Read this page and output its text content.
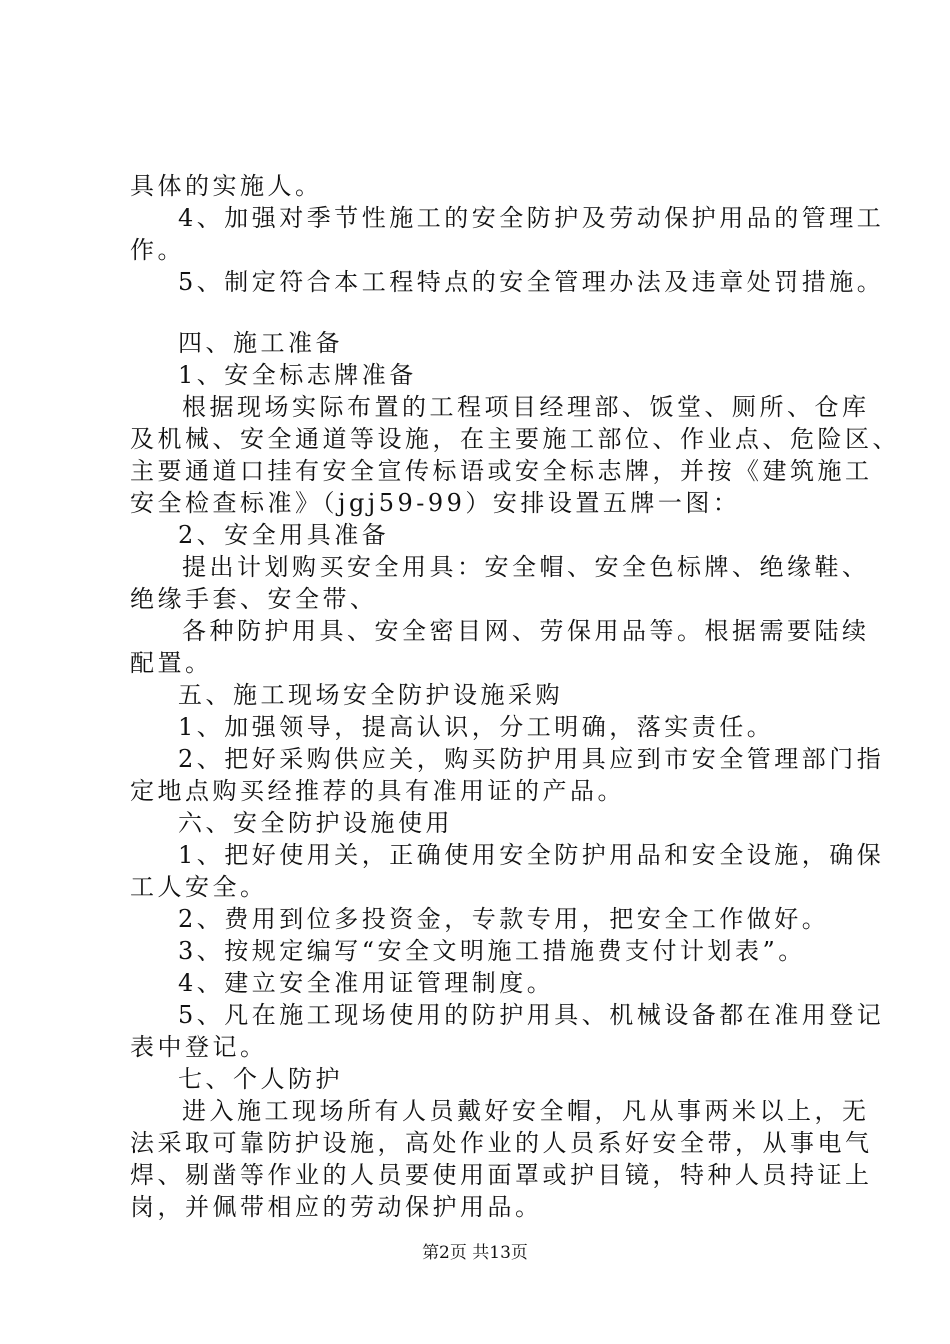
具体的实施人。
4、加强对季节性施工的安全防护及劳动保护用品的管理工
作。
5、制定符合本工程特点的安全管理办法及违章处罚措施。
四、施工准备
1、安全标志牌准备
根据现场实际布置的工程项目经理部、饭堂、厕所、仓库
及机械、安全通道等设施，在主要施工部位、作业点、危险区、
主要通道口挂有安全宣传标语或安全标志牌，并按《建筑施工
安全检查标准》（jgj59-99）安排设置五牌一图：
2、安全用具准备
提出计划购买安全用具：安全帽、安全色标牌、绝缘鞋、
绝缘手套、安全带、
各种防护用具、安全密目网、劳保用品等。根据需要陆续
配置。
五、施工现场安全防护设施采购
1、加强领导，提高认识，分工明确，落实责任。
2、把好采购供应关，购买防护用具应到市安全管理部门指
定地点购买经推荐的具有准用证的产品。
六、安全防护设施使用
1、把好使用关，正确使用安全防护用品和安全设施，确保
工人安全。
2、费用到位多投资金，专款专用，把安全工作做好。
3、按规定编写“安全文明施工措施费支付计划表”。
4、建立安全准用证管理制度。
5、凡在施工现场使用的防护用具、机械设备都在准用登记
表中登记。
七、个人防护
进入施工现场所有人员戴好安全帽，凡从事两米以上，无
法采取可靠防护设施，高处作业的人员系好安全带，从事电气
焊、剔凿等作业的人员要使用面罩或护目镜，特种人员持证上
岗，并佩带相应的劳动保护用品。
第2页 共13页
